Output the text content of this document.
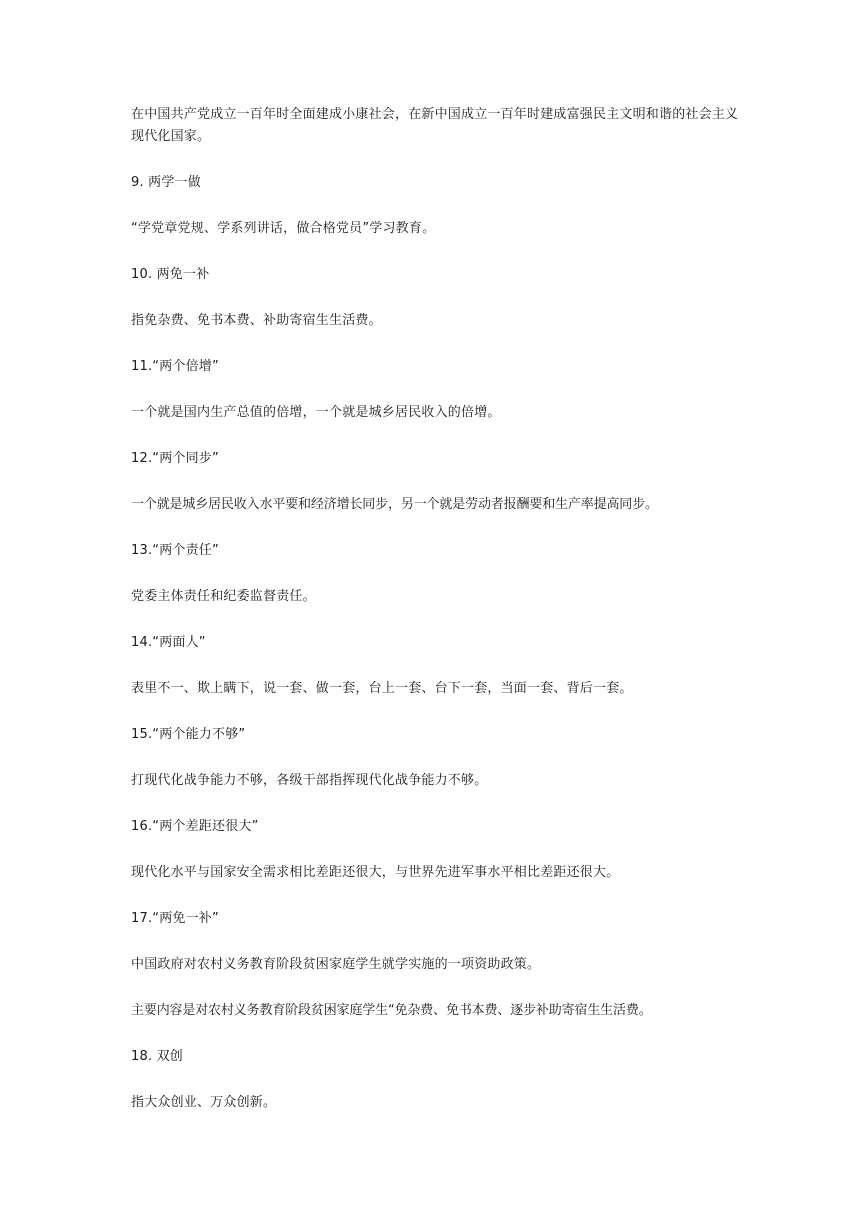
在中国共产党成立一百年时全面建成小康社会，在新中国成立一百年时建成富强民主文明和谐的社会主义现代化国家。

9. 两学一做

“学党章党规、学系列讲话，做合格党员”学习教育。

10. 两免一补

指免杂费、免书本费、补助寄宿生生活费。

11.“两个倍增”

一个就是国内生产总值的倍增，一个就是城乡居民收入的倍增。

12.“两个同步”

一个就是城乡居民收入水平要和经济增长同步，另一个就是劳动者报酬要和生产率提高同步。

13.“两个责任”

党委主体责任和纪委监督责任。

14.“两面人”

表里不一、欺上瞒下，说一套、做一套，台上一套、台下一套，当面一套、背后一套。

15.“两个能力不够”

打现代化战争能力不够，各级干部指挥现代化战争能力不够。

16.“两个差距还很大”

现代化水平与国家安全需求相比差距还很大，与世界先进军事水平相比差距还很大。

17.“两免一补”

中国政府对农村义务教育阶段贫困家庭学生就学实施的一项资助政策。

主要内容是对农村义务教育阶段贫困家庭学生“免杂费、免书本费、逐步补助寄宿生生活费。

18. 双创

指大众创业、万众创新。
